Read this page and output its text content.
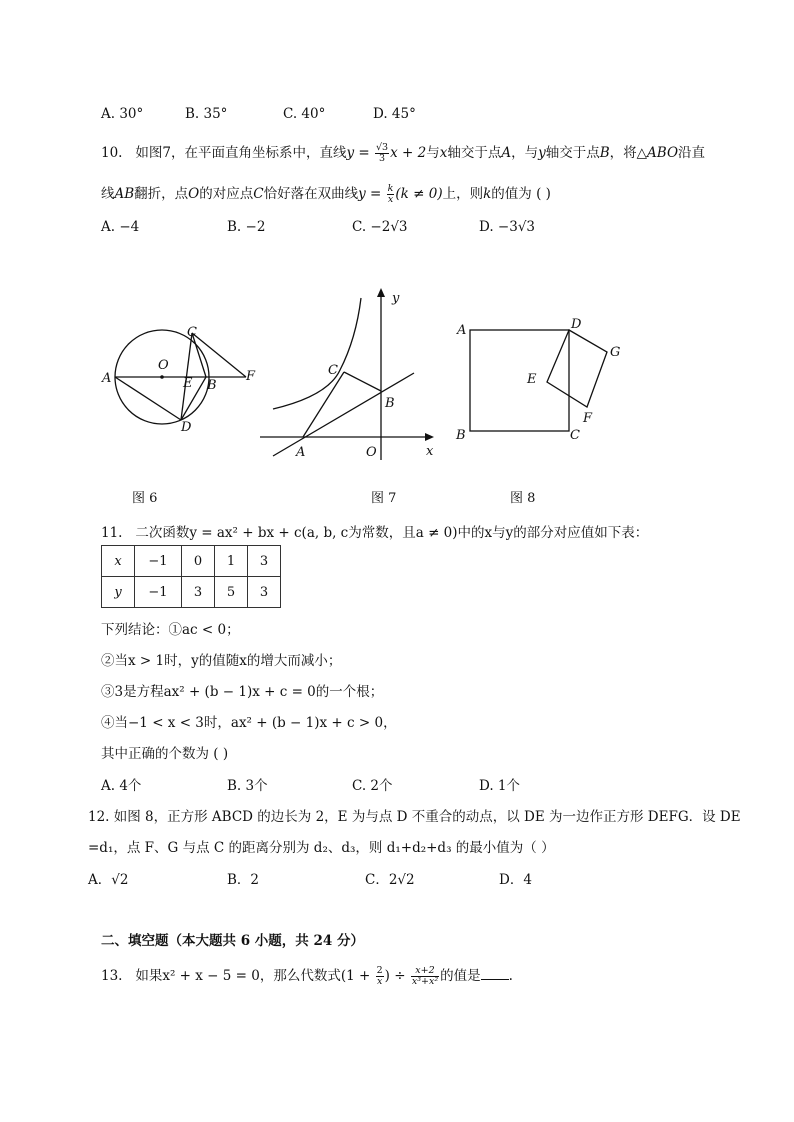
A. 30°	B. 35°	C. 40°	D. 45°
10. 如图7，在平面直角坐标系中，直线$y = \frac{√3}{3}$ x + 2与x轴交于点A，与y轴交于点B，将△ABO沿直
线AB翻折，点O的对应点C恰好落在双曲线$y = \frac{k}{x} (k \ne 0)$上，则k的值为 ( )
A. −4	B. −2	C. −2√3	D. −3√3
A
O
C
E B
F
D
图 6
y
C
B
A	O	x
图 7
A	D
G
E
F
B	C
图 8
11. 二次函数y = ax² + bx + c(a, b, c为常数，且a ≠ 0)中的x与y的部分对应值如下表：
x	−1	0	1	3
y	−1	3	5	3
下列结论：①ac < 0；
②当x > 1时，y的值随x的增大而减小；
③3是方程ax² + (b − 1)x + c = 0的一个根；
④当−1 < x < 3时，ax² + (b − 1)x + c > 0，
其中正确的个数为 ( )
A. 4个	B. 3个	C. 2个	D. 1个
12. 如图 8，正方形 ABCD 的边长为 2，E 为与点 D 不重合的动点，以 DE 为一边作正方形 DEFG．设 DE
=d₁，点 F、G 与点 C 的距离分别为 d₂、d₃，则 d₁+d₂+d₃ 的最小值为（ ）
A．√2	B．2	C．2√2	D．4
二、填空题（本大题共 6 小题，共 24 分）
13. 如果x² + x − 5 = 0，那么代数式($1 + \frac{2}{x}$ ) ÷ $\frac{x+2}{\text{x³+x²}}$ 的值是 .
